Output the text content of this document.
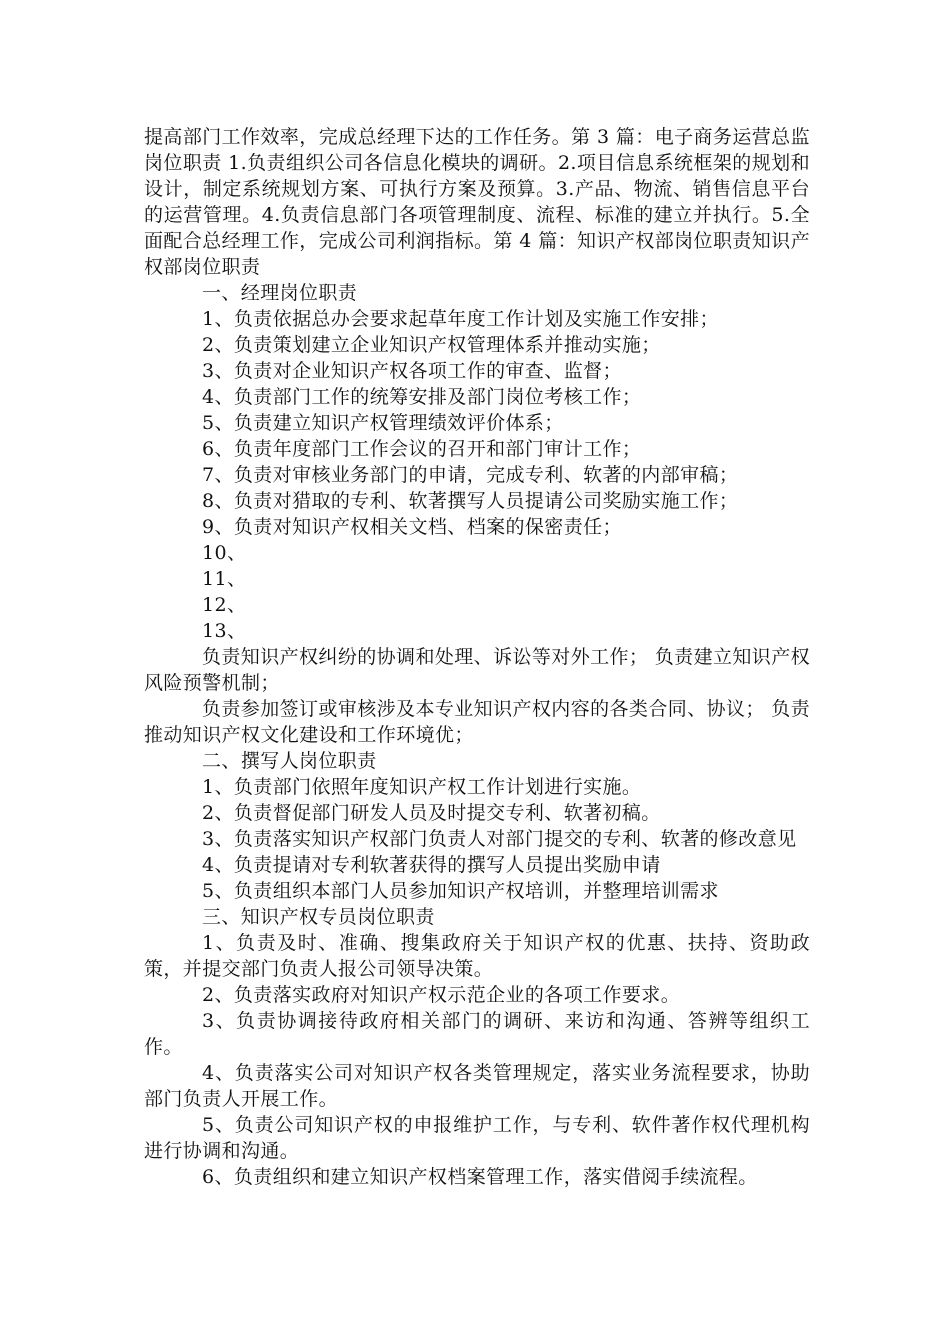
提高部门工作效率，完成总经理下达的工作任务。第 3 篇：电子商务运营总监岗位职责 1.负责组织公司各信息化模块的调研。2.项目信息系统框架的规划和设计，制定系统规划方案、可执行方案及预算。3.产品、物流、销售信息平台的运营管理。4.负责信息部门各项管理制度、流程、标准的建立并执行。5.全面配合总经理工作，完成公司利润指标。第 4 篇：知识产权部岗位职责知识产权部岗位职责

一、经理岗位职责

1、负责依据总办会要求起草年度工作计划及实施工作安排；

2、负责策划建立企业知识产权管理体系并推动实施；

3、负责对企业知识产权各项工作的审查、监督；

4、负责部门工作的统筹安排及部门岗位考核工作；

5、负责建立知识产权管理绩效评价体系；

6、负责年度部门工作会议的召开和部门审计工作；

7、负责对审核业务部门的申请，完成专利、软著的内部审稿；

8、负责对猎取的专利、软著撰写人员提请公司奖励实施工作；

9、负责对知识产权相关文档、档案的保密责任；

10、

11、

12、

13、

负责知识产权纠纷的协调和处理、诉讼等对外工作； 负责建立知识产权风险预警机制；

负责参加签订或审核涉及本专业知识产权内容的各类合同、协议； 负责推动知识产权文化建设和工作环境优；

二、撰写人岗位职责

1、负责部门依照年度知识产权工作计划进行实施。

2、负责督促部门研发人员及时提交专利、软著初稿。

3、负责落实知识产权部门负责人对部门提交的专利、软著的修改意见

4、负责提请对专利软著获得的撰写人员提出奖励申请

5、负责组织本部门人员参加知识产权培训，并整理培训需求

三、知识产权专员岗位职责

1、负责及时、准确、搜集政府关于知识产权的优惠、扶持、资助政策，并提交部门负责人报公司领导决策。

2、负责落实政府对知识产权示范企业的各项工作要求。

3、负责协调接待政府相关部门的调研、来访和沟通、答辨等组织工作。

4、负责落实公司对知识产权各类管理规定，落实业务流程要求，协助部门负责人开展工作。

5、负责公司知识产权的申报维护工作，与专利、软件著作权代理机构进行协调和沟通。

6、负责组织和建立知识产权档案管理工作，落实借阅手续流程。
